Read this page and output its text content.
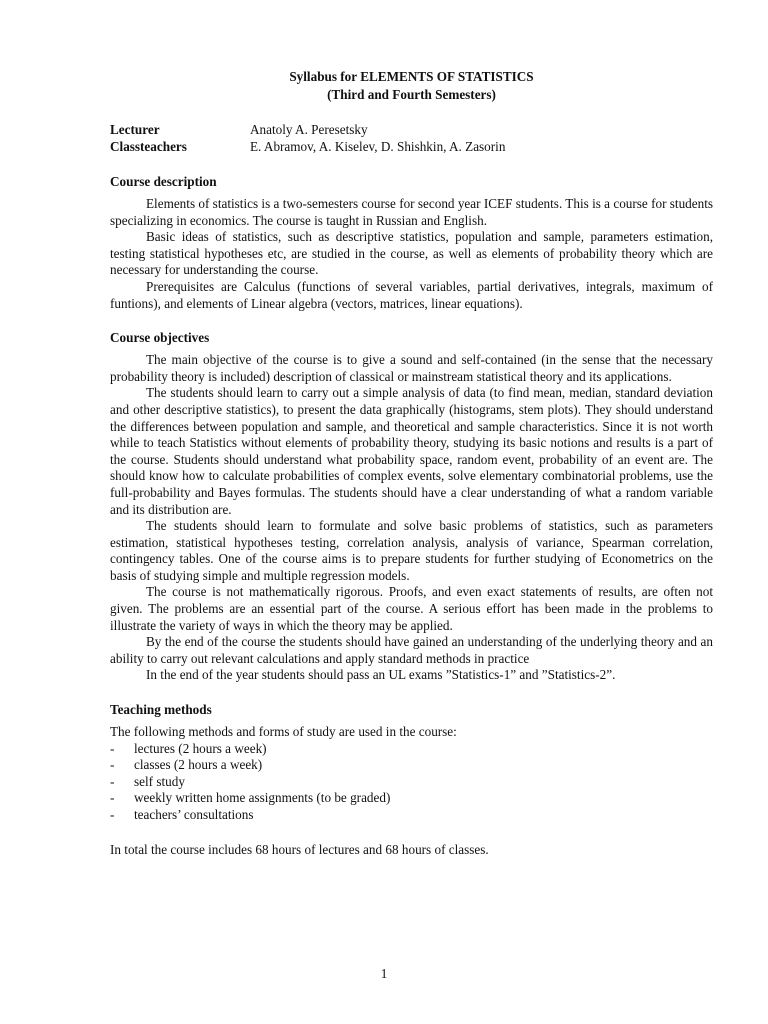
Syllabus for ELEMENTS OF STATISTICS
(Third and Fourth Semesters)
Lecturer	Anatoly A. Peresetsky
Classteachers	E. Abramov, A. Kiselev, D. Shishkin, A. Zasorin
Course description

Elements of statistics is a two-semesters course for second year ICEF students. This is a course for students specializing in economics. The course is taught in Russian and English.

Basic ideas of statistics, such as descriptive statistics, population and sample, parameters estimation, testing statistical hypotheses etc, are studied in the course, as well as elements of probability theory which are necessary for understanding the course.

Prerequisites are Calculus (functions of several variables, partial derivatives, integrals, maximum of funtions), and elements of Linear algebra (vectors, matrices, linear equations).

Course objectives

The main objective of the course is to give a sound and self-contained (in the sense that the necessary probability theory is included) description of classical or mainstream statistical theory and its applications.

The students should learn to carry out a simple analysis of data (to find mean, median, standard deviation and other descriptive statistics), to present the data graphically (histograms, stem plots). They should understand the differences between population and sample, and theoretical and sample characteristics. Since it is not worth while to teach Statistics without elements of probability theory, studying its basic notions and results is a part of the course. Students should understand what probability space, random event, probability of an event are. The should know how to calculate probabilities of complex events, solve elementary combinatorial problems, use the full-probability and Bayes formulas. The students should have a clear understanding of what a random variable and its distribution are.

The students should learn to formulate and solve basic problems of statistics, such as parameters estimation, statistical hypotheses testing, correlation analysis, analysis of variance, Spearman correlation, contingency tables. One of the course aims is to prepare students for further studying of Econometrics on the basis of studying simple and multiple regression models.

The course is not mathematically rigorous. Proofs, and even exact statements of results, are often not given. The problems are an essential part of the course. A serious effort has been made in the problems to illustrate the variety of ways in which the theory may be applied.

By the end of the course the students should have gained an understanding of the underlying theory and an ability to carry out relevant calculations and apply standard methods in practice

In the end of the year students should pass an UL exams ”Statistics-1” and ”Statistics-2”.

Teaching methods

The following methods and forms of study are used in the course:

-	lectures (2 hours a week)
-	classes (2 hours a week)
-	self study
-	weekly written home assignments (to be graded)
-	teachers’ consultations
In total the course includes 68 hours of lectures and 68 hours of classes.
1
